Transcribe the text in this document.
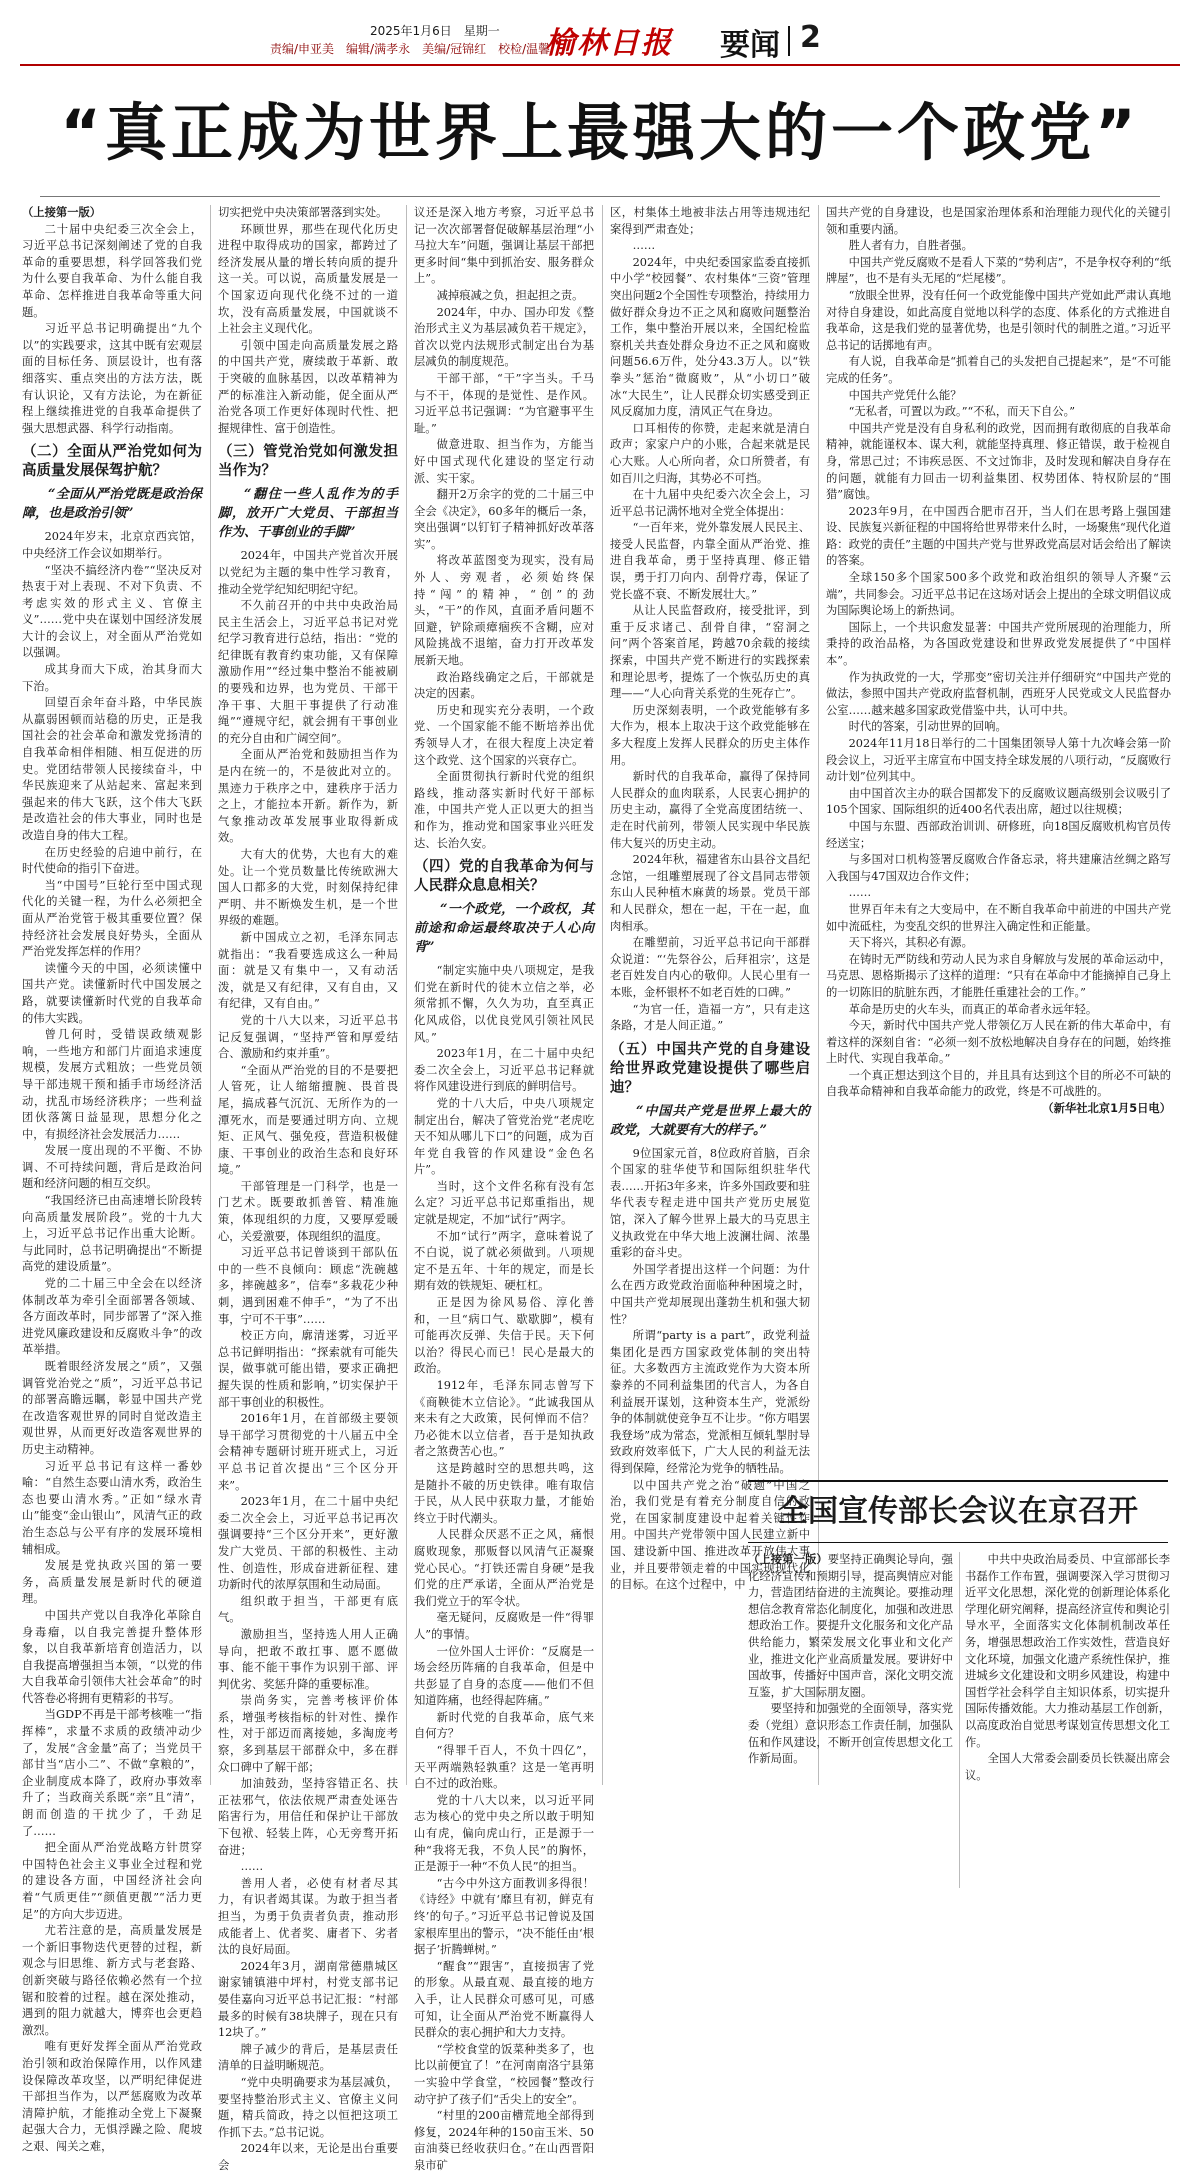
2025年1月6日　星期一
责编/申亚美　编辑/满孝永　美编/冠锦红　校检/温馨
榆林日报 要闻 2
“真正成为世界上最强大的一个政党”

（上接第一版）

二十届中央纪委三次全会上，习近平总书记深刻阐述了党的自我革命的重要思想，科学回答我们党为什么要自我革命、为什么能自我革命、怎样推进自我革命等重大问题。

习近平总书记明确提出“九个以”的实践要求，这其中既有宏观层面的目标任务、顶层设计，也有落细落实、重点突出的方法方法，既有认识论，又有方法论，为在新征程上继续推进党的自我革命提供了强大思想武器、科学行动指南。

（二）全面从严治党如何为高质量发展保驾护航？
“全面从严治党既是政治保障，也是政治引领”

2024年岁末，北京京西宾馆，中央经济工作会议如期举行。

“坚决不搞经济内卷”“坚决反对热衷于对上表现、不对下负责、不考虑实效的形式主义、官僚主义”……党中央在谋划中国经济发展大计的会议上，对全面从严治党如以强调。

成其身而大下成，治其身而大下治。

回望百余年奋斗路，中华民族从羸弱困顿而站稳的历史，正是我国社会的社会革命和激发党扬清的自我革命相伴相随、相互促进的历史。党团结带领人民接续奋斗，中华民族迎来了从站起来、富起来到强起来的伟大飞跃，这个伟大飞跃是改造社会的伟大事业，同时也是改造自身的伟大工程。

在历史经验的启迪中前行，在时代使命的指引下奋进。

当“中国号”巨轮行至中国式现代化的关键一程，为什么必须把全面从严治党管于极其重要位置？保持经济社会发展良好势头，全面从严治党发挥怎样的作用？

读懂今天的中国，必须读懂中国共产党。读懂新时代中国发展之路，就要读懂新时代党的自我革命的伟大实践。

曾几何时，受错误政绩观影响，一些地方和部门片面追求速度规模，发展方式粗放；一些党员领导干部违规干预和插手市场经济活动，扰乱市场经济秩序；一些利益团伙落篱日益显现，思想分化之中，有损经济社会发展活力……

发展一度出现的不平衡、不协调、不可持续问题，背后是政治问题和经济问题的相互交织。

“我国经济已由高速增长阶段转向高质量发展阶段”。党的十九大上，习近平总书记作出重大论断。与此同时，总书记明确提出“不断提高党的建设质量”。

党的二十届三中全会在以经济体制改革为牵引全面部署各领域、各方面改革时，同步部署了“深入推进党风廉政建设和反腐败斗争”的改革举措。

既着眼经济发展之“质”，又强调管党治党之“质”，习近平总书记的部署高瞻远瞩，彰显中国共产党在改造客观世界的同时自觉改造主观世界，从而更好改造客观世界的历史主动精神。

习近平总书记有这样一番妙喻：“自然生态要山清水秀，政治生态也要山清水秀。”正如“绿水青山”能变“金山银山”，风清气正的政治生态总与公平有序的发展环境相辅相成。

发展是党执政兴国的第一要务，高质量发展是新时代的硬道理。

中国共产党以自我净化革除自身毒瘤，以自我完善提升整体形象，以自我革新培育创造活力，以自我提高增强担当本领，“以党的伟大自我革命引领伟大社会革命”的时代答卷必将拥有更精彩的书写。

当GDP不再是干部考核唯一“指挥棒”，求量不求质的政绩冲动少了，发展“含金量”高了；当党员干部甘当“店小二”、不做“拿粮的”，企业制度成本降了，政府办事效率升了；当政商关系既“亲”且“清”，朗而创造的干扰少了，千劲足了……

把全面从严治党战略方针贯穿中国特色社会主义事业全过程和党的建设各方面，中国经济社会向着“气质更佳”“颜值更靓”“活力更足”的方向大步迈进。

尤若注意的是，高质量发展是一个新旧事物迭代更替的过程，新观念与旧思维、新方式与老套路、创新突破与路径依赖必然有一个拉锯和胶着的过程。越在深处推动，遇到的阻力就越大，博弈也会更趋激烈。

唯有更好发挥全面从严治党政治引领和政治保障作用，以作风建设保障改革攻坚，以严明纪律促进干部担当作为，以严惩腐败为改革清障护航，才能推动全党上下凝聚起强大合力，无惧浮躁之险、爬坡之艰、闯关之难，

切实把党中央决策部署落到实处。

环顾世界，那些在现代化历史进程中取得成功的国家，都跨过了经济发展从量的增长转向质的提升这一关。可以说，高质量发展是一个国家迈向现代化绕不过的一道坎，没有高质量发展，中国就谈不上社会主义现代化。

引领中国走向高质量发展之路的中国共产党，赓续敢于革新、敢于突破的血脉基因，以改革精神为严的标准注入新动能，促全面从严治党各项工作更好体现时代性、把握规律性、富于创造性。

（三）管党治党如何激发担当作为？
“翻住一些人乱作为的手脚，放开广大党员、干部担当作为、干事创业的手脚”

2024年，中国共产党首次开展以党纪为主题的集中性学习教育，推动全党学纪知纪明纪守纪。

不久前召开的中共中央政治局民主生活会上，习近平总书记对党纪学习教育进行总结，指出：“党的纪律既有教育约束功能，又有保障激励作用”“经过集中整治不能被刷的要残和边界，也为党员、干部干净干事、大胆干事提供了行动准绳”“遵规守纪，就会拥有干事创业的充分自由和广阔空间”。

全面从严治党和鼓励担当作为是内在统一的，不是彼此对立的。黑迹力于秩序之中，建秩序于活力之上，才能拉本开新。新作为，新气象推动改革发展事业取得新成效。

大有大的优势，大也有大的难处。让一个党员数量比传统欧洲大国人口都多的大党，时刻保持纪律严明、井不断焕发生机，是一个世界级的难题。

新中国成立之初，毛泽东同志就指出：“我看要选成这么一种局面：就是又有集中一，又有动活泼，就是又有纪律，又有自由，又有纪律，又有自由。”

党的十八大以来，习近平总书记反复强调，“坚持严管和厚爱结合、激励和约束并重”。

“全面从严治党的目的不是要把人管死，让人缩缩擅腕、畏首畏尾，搞成暮气沉沉、无所作为的一潭死水，而是要通过明方向、立规矩、正风气、强免疫，营造积极健康、干事创业的政治生态和良好环境。”

干部管理是一门科学，也是一门艺术。既要敢抓善管、精准施策，体现组织的力度，又要厚爱暖心，关爱激要，体现组织的温度。

习近平总书记曾谈到干部队伍中的一些不良倾向：顾虑“洗碗越多，摔碗越多”，信奉“多栽花少种刺，遇到困难不伸手”，“为了不出事，宁可不干事”……

校正方向，廓清迷雾，习近平总书记鲜明指出：“探索就有可能失误，做事就可能出错，要求正确把握失误的性质和影响，”切实保护干部干事创业的积极性。

2016年1月，在首部级主要领导干部学习贯彻党的十八届五中全会精神专题研讨班开班式上，习近平总书记首次提出“三个区分开来”。

2023年1月，在二十届中央纪委二次全会上，习近平总书记再次强调要持“三个区分开来”，更好激发广大党员、干部的积极性、主动性、创造性，形成奋进新征程、建功新时代的浓厚氛围和生动局面。

组织敢于担当，干部更有底气。

激励担当，坚持选人用人正确导向，把敢不敢扛事、愿不愿做事、能不能干事作为识别干部、评判优劣、奖惩升降的重要标准。

崇尚务实，完善考核评价体系，增强考核指标的针对性、操作性，对于部迈而离接她，多淘庞考察，多到基层干部群众中，多在群众口碑中了解干部；

加油鼓劲，坚持容错正名、扶正祛邪气，依法依规严肃查处诬告陷害行为，用信任和保护让干部放下包袱、轻装上阵，心无旁骛开拓奋进；

……

善用人者，必使有材者尽其力，有识者竭其谋。为敢于担当者担当，为勇于负责者负责，推动形成能者上、优者奖、庸者下、劣者汰的良好局面。

2024年3月，湖南常德鼎城区谢家铺镇港中坪村，村党支部书记晏佳嘉向习近平总书记汇报：“村部最多的时候有38块牌子，现在只有12块了。”

牌子减少的背后，是基层责任清单的日益明晰规范。

“党中央明确要求为基层减负，要坚持整治形式主义、官僚主义问题，精兵简政，持之以恒把这项工作抓下去。”总书记说。

2024年以来，无论是出台重要会

议还是深入地方考察，习近平总书记一次次部署督促破解基层治理“小马拉大车”问题，强调让基层干部把更多时间“集中到抓治安、服务群众上”。

减掉痕减之负，担起担之责。

2024年，中办、国办印发《整治形式主义为基层减负若干规定》，首次以党内法规形式制定出台为基层减负的制度规范。

干部干部，“干”字当头。千马与不干，体现的是觉性、是作风。习近平总书记强调：“为官避事平生耻。”

做意进取、担当作为，方能当好中国式现代化建设的坚定行动派、实干家。

翻开2万余字的党的二十届三中全会《决定》，60多年的概后一条，突出强调“以钉钉子精神抓好改革落实”。

将改革蓝图变为现实，没有局外人、旁观者，必须始终保持“闯”的精神，“创”的劲头，“干”的作风，直面矛盾问题不回避，铲除顽瘴痼疾不含糊，应对风险挑战不退缩，奋力打开改革发展新天地。

政治路线确定之后，干部就是决定的因素。

历史和现实充分表明，一个政党、一个国家能不能不断培养出优秀领导人才，在很大程度上决定着这个政党、这个国家的兴衰存亡。

全面贯彻执行新时代党的组织路线，推动落实新时代好干部标准，中国共产党人正以更大的担当和作为，推动党和国家事业兴旺发达、长治久安。

（四）党的自我革命为何与人民群众息息相关？
“一个政党，一个政权，其前途和命运最终取决于人心向背”

“制定实施中央八项规定，是我们党在新时代的徒木立信之举，必须常抓不懈，久久为功，直至真正化风成俗，以优良党风引领社风民风。”

2023年1月，在二十届中央纪委二次全会上，习近平总书记释就将作风建设进行到底的鲜明信号。

党的十八大后，中央八项规定制定出台，解决了管党治党“老虎吃天不知从哪儿下口”的问题，成为百年党自我管的作风建设“金色名片”。

当时，这个文件名称有没有怎么定？习近平总书记郑重指出，规定就是规定，不加“试行”两字。

不加“试行”两字，意味着说了不白说，说了就必须做到。八项规定不是五年、十年的规定，而是长期有效的铁规矩、硬杠杠。

正是因为徐风易俗、淳化善和，一旦“病口气、歇歇脚”，模有可能再次反弹、失信于民。天下何以治？得民心而已！民心是最大的政治。

1912年，毛泽东同志曾写下《商鞅徙木立信论》。“此诚我国从来未有之大政策，民何惮而不信？乃必徙木以立信者，吾于是知执政者之煞费苦心也。”

这是跨越时空的思想共鸣，这是随扑不破的历史铁律。唯有取信于民，从人民中获取力量，才能始终立于时代潮头。

人民群众厌恶不正之风，痛恨腐败现象，那贩督以风清气正凝聚党心民心。“打铁还需自身硬”是我们党的庄严承诺，全面从严治党是我们党立于的军令状。

毫无疑问，反腐败是一件“得罪人”的事情。

一位外国人士评价：“反腐是一场会经历阵痛的自我革命，但是中共彭显了自身的态度——他们不但知道阵痛，也经得起阵痛。”

新时代党的自我革命，底气来自何方？

“得罪千百人，不负十四亿”，天平两端熟轻孰重？这是一笔再明白不过的政治账。

党的十八大以来，以习近平同志为核心的党中央之所以敢于明知山有虎，偏向虎山行，正是源于一种“我将无我，不负人民”的胸怀，正是源于一种“不负人民”的担当。

“古今中外这方面教训多得很！《诗经》中就有‘靡旦有初，鲜克有终’的句子。”习近平总书记曾说及国家根库里出的警示，“决不能任由‘根据子’折腾蝉树。”

“醒食”“跟害”，直接损害了党的形象。从最直观、最直接的地方入手，让人民群众可感可见，可感可知，让全面从严治党不断赢得人民群众的衷心拥护和大力支持。

“学校食堂的饭菜种类多了，也比以前便宜了！”在河南南洛宁县第一实验中学食堂，“校园餐”整改行动守护了孩子们“舌尖上的安全”。

“村里的200亩槽荒地全部得到修复，2024年种的150亩玉米、50亩油葵已经收获归仓。”在山西晋阳泉市矿

区，村集体土地被非法占用等违规违纪案得到严肃查处；

……

2024年，中央纪委国家监委直接抓中小学“校园餐”、农村集体“三资”管理突出问题2个全国性专项整治，持续用力做好群众身边不正之风和腐败问题整治工作，集中整治开展以来，全国纪检监察机关共查处群众身边不正之风和腐败问题56.6万件，处分43.3万人。以“铁拳头”惩治“微腐败”，从“小切口”破冰“大民生”，让人民群众切实感受到正风反腐加力度，清风正气在身边。

口耳相传的你赞，走起来就是清白政声；家家户户的小账，合起来就是民心大账。人心所向者，众口所赞者，有如百川之归海，其势必不可挡。

在十九届中央纪委六次全会上，习近平总书记满怀地对全党全体提出：

“一百年来，党外靠发展人民民主、接受人民监督，内靠全面从严治党、推进自我革命，勇于坚持真理、修正错误，勇于打刀向内、刮骨疗毒，保证了党长盛不衰、不断发展壮大。”

从让人民监督政府，接受批评，到重于反求诸己、刮骨自律，“窑洞之问”两个答案首尾，跨越70余载的接续探索，中国共产党不断进行的实践探索和理论思考，提炼了一个恢弘历史的真理——“人心向背关系党的生死存亡”。

历史深刻表明，一个政党能够有多大作为，根本上取决于这个政党能够在多大程度上发挥人民群众的历史主体作用。

新时代的自我革命，赢得了保持同人民群众的血肉联系，人民衷心拥护的历史主动，赢得了全党高度团结统一、走在时代前列，带领人民实现中华民族伟大复兴的历史主动。

2024年秋，福建省东山县谷文昌纪念馆，一组雕塑展现了谷文昌同志带领东山人民种植木麻黄的场景。党员干部和人民群众，想在一起，干在一起，血肉相承。

在雕塑前，习近平总书记向干部群众说道：“‘先祭谷公，后拜祖宗’，这是老百姓发自内心的敬仰。人民心里有一本账，金杯银杯不如老百姓的口碑。”

“为官一任，造福一方”，只有走这条路，才是人间正道。”

（五）中国共产党的自身建设给世界政党建设提供了哪些启迪？
“中国共产党是世界上最大的政党，大就要有大的样子。”

9位国家元首，8位政府首脑，百余个国家的驻华使节和国际组织驻华代表……开拓3年多来，许多外国政要和驻华代表专程走进中国共产党历史展览馆，深入了解今世界上最大的马克思主义执政党在中华大地上波澜壮阔、浓墨重彩的奋斗史。

外国学者提出这样一个问题：为什么在西方政党政治面临种种困境之时，中国共产党却展现出蓬勃生机和强大韧性？

所谓“party is a part”，政党利益集团化是西方国家政党体制的突出特征。大多数西方主流政党作为大资本所豢养的不同利益集团的代言人，为各自利益展开谋划，这种资本生产，党派纷争的体制就使竞争互不让步。“你方唱罢我登场”成为常态，党派相互倾轧掣肘导致政府效率低下，广大人民的利益无法得到保障，经常沦为党争的牺牲品。

以中国共产党之治“破题”中国之治，我们党是有着充分制度自信的政党，在国家制度建设中起着关键性作用。中国共产党带领中国人民建立新中国、建设新中国、推进改革开放伟大事业，并且要带领走着的中国实现现代化的目标。在这个过程中，中

国共产党的自身建设，也是国家治理体系和治理能力现代化的关键引领和重要内涵。

胜人者有力，自胜者强。

中国共产党反腐败不是看人下菜的“势利店”，不是争权夺利的“纸牌屋”，也不是有头无尾的“烂尾楼”。

“放眼全世界，没有任何一个政党能像中国共产党如此严肃认真地对待自身建设，如此高度自觉地以科学的态度、体系化的方式推进自我革命，这是我们党的显著优势，也是引领时代的制胜之道。”习近平总书记的话掷地有声。

有人说，自我革命是“抓着自己的头发把自己提起来”，是“不可能完成的任务”。

中国共产党凭什么能？

“无私者，可置以为政。”“不私，而天下自公。”

中国共产党是没有自身私利的政党，因而拥有敢彻底的自我革命精神，就能谨权本、谋大利，就能坚持真理、修正错误，敢于检视自身，常思己过；不讳疾忌医、不文过饰非，及时发现和解决自身存在的问题，就能有力回击一切利益集团、权势团体、特权阶层的“围猎”腐蚀。

2023年9月，在中国西合肥市召开，当人们在思考路上强国建设、民族复兴新征程的中国将给世界带来什么时，一场聚焦“现代化道路：政党的责任”主题的中国共产党与世界政党高层对话会给出了解读的答案。

全球150多个国家500多个政党和政治组织的领导人齐聚“云端”，共同参会。习近平总书记在这场对话会上提出的全球文明倡议成为国际舆论场上的新热词。

国际上，一个共识愈发显著：中国共产党所展现的治理能力，所秉持的政治品格，为各国政党建设和世界政党发展提供了“中国样本”。

作为执政党的一大，学那变”密切关注并仔细研究“中国共产党的做法，参照中国共产党政府监督机制，西班牙人民党或文人民监督办公室……越来越多国家政党借鉴中共，认可中共。

时代的答案，引动世界的回响。

2024年11月18日举行的二十国集团领导人第十九次峰会第一阶段会议上，习近平主席宣布中国支持全球发展的八项行动，“反腐败行动计划”位列其中。

由中国首次主办的联合国都发下的反腐败议题高级别会议吸引了105个国家、国际组织的近400名代表出席，超过以往规模；

中国与东盟、西部政治训训、研修班，向18国反腐败机构官员传经送宝；

与多国对口机构签署反腐败合作备忘录，将共建廉洁丝绸之路写入我国与47国双边合作文件；

……

世界百年未有之大变局中，在不断自我革命中前进的中国共产党如中流砥柱，为变乱交织的世界注入确定性和正能量。

天下将兴，其积必有源。

在铸时无严防线和劳动人民为求自身解放与发展的革命运动中，马克思、恩格斯揭示了这样的道理：“只有在革命中才能摘掉自己身上的一切陈旧的肮脏东西，才能胜任重建社会的工作。”

革命是历史的火车头，而真正的革命者永远年轻。

今天，新时代中国共产党人带领亿万人民在新的伟大革命中，有着这样的深刻自省：“必须一刻不放松地解决自身存在的问题，始终推上时代、实现自我革命。”

一个真正想达到这个目的，并且具有达到这个目的所必不可缺的自我革命精神和自我革命能力的政党，终是不可战胜的。

（新华社北京1月5日电）

全国宣传部长会议在京召开

（上接第一版）要坚持正确舆论导向，强化经济宣传和预期引导，提高舆情应对能力，营造团结奋进的主流舆论。要推动理想信念教育常态化制度化，加强和改进思想政治工作。要提升文化服务和文化产品供给能力，繁荣发展文化事业和文化产业，推进文化产业高质量发展。要讲好中国故事，传播好中国声音，深化文明交流互鉴，扩大国际朋友圈。

要坚持和加强党的全面领导，落实党委（党组）意识形态工作责任制，加强队伍和作风建设，不断开创宣传思想文化工作新局面。

中共中央政治局委员、中宣部部长李书磊作工作布置，强调要深入学习贯彻习近平文化思想，深化党的创新理论体系化学理化研究阐释，提高经济宣传和舆论引导水平，全面落实文化体制机制改革任务，增强思想政治工作实效性，营造良好文化环境，加强文化遗产系统性保护，推进城乡文化建设和文明乡风建设，构建中国哲学社会科学自主知识体系，切实提升国际传播效能。大力推动基层工作创新，以高度政治自觉思考谋划宣传思想文化工作。

全国人大常委会副委员长铁凝出席会议。
